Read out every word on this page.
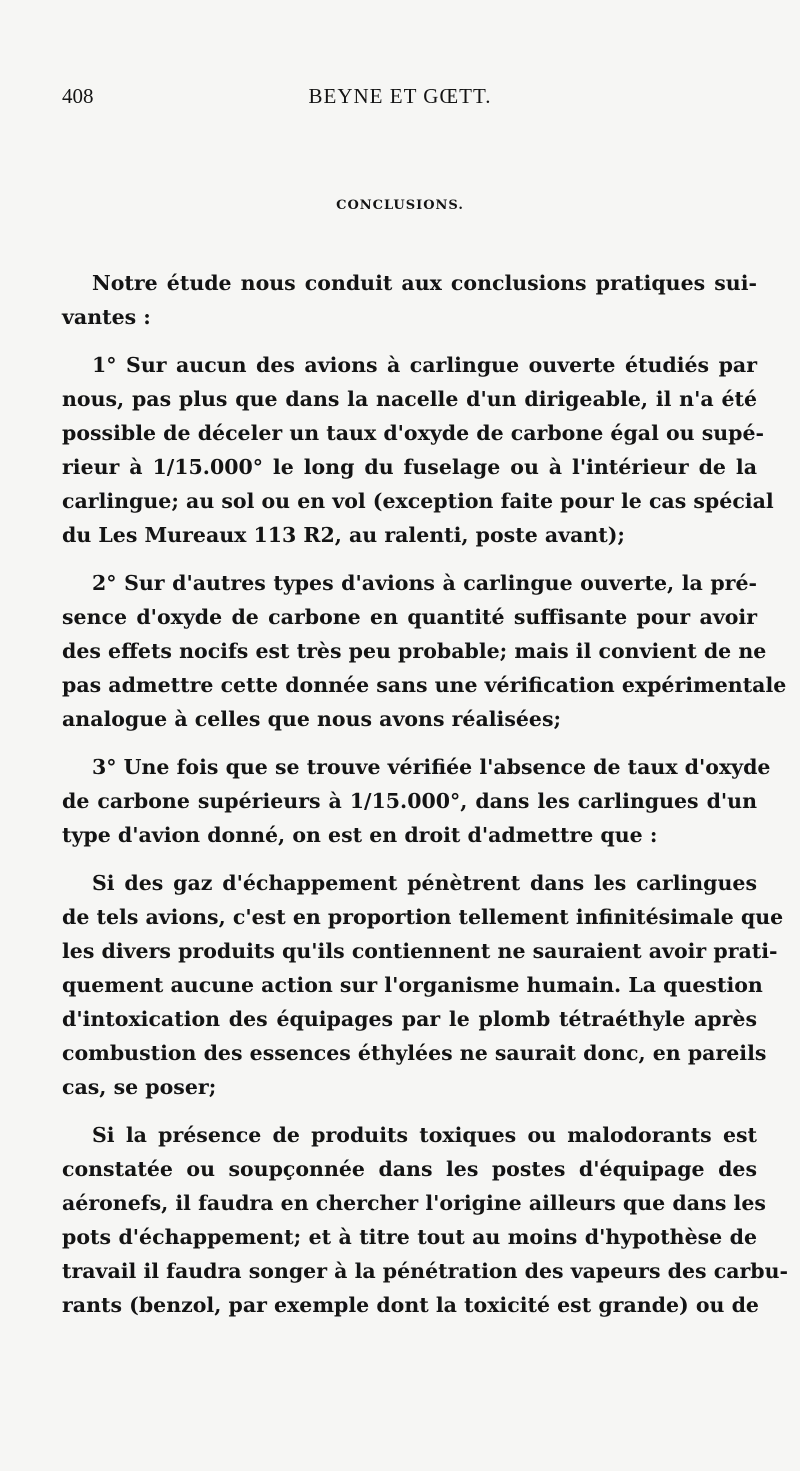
408	BEYNE ET GŒTT.
CONCLUSIONS.
Notre étude nous conduit aux conclusions pratiques sui-
vantes :
1° Sur aucun des avions à carlingue ouverte étudiés par
nous, pas plus que dans la nacelle d'un dirigeable, il n'a été
possible de déceler un taux d'oxyde de carbone égal ou supé-
rieur à 1/15.000° le long du fuselage ou à l'intérieur de la
carlingue; au sol ou en vol (exception faite pour le cas spécial
du Les Mureaux 113 R2, au ralenti, poste avant);
2° Sur d'autres types d'avions à carlingue ouverte, la pré-
sence d'oxyde de carbone en quantité suffisante pour avoir
des effets nocifs est très peu probable; mais il convient de ne
pas admettre cette donnée sans une vérification expérimentale
analogue à celles que nous avons réalisées;
3° Une fois que se trouve vérifiée l'absence de taux d'oxyde
de carbone supérieurs à 1/15.000°, dans les carlingues d'un
type d'avion donné, on est en droit d'admettre que :
Si des gaz d'échappement pénètrent dans les carlingues
de tels avions, c'est en proportion tellement infinitésimale que
les divers produits qu'ils contiennent ne sauraient avoir prati-
quement aucune action sur l'organisme humain. La question
d'intoxication des équipages par le plomb tétraéthyle après
combustion des essences éthylées ne saurait donc, en pareils
cas, se poser;
Si la présence de produits toxiques ou malodorants est
constatée ou soupçonnée dans les postes d'équipage des
aéronefs, il faudra en chercher l'origine ailleurs que dans les
pots d'échappement; et à titre tout au moins d'hypothèse de
travail il faudra songer à la pénétration des vapeurs des carbu-
rants (benzol, par exemple dont la toxicité est grande) ou de
